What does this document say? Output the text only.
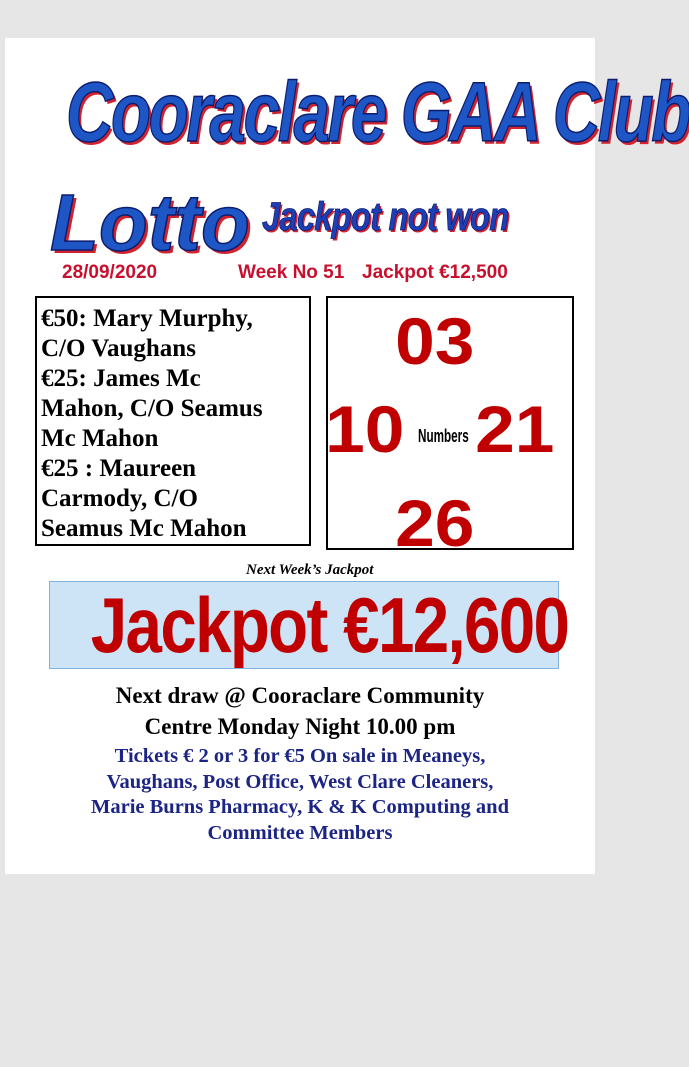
Cooraclare GAA Club
Lotto Jackpot not won
28/09/2020	Week No 51 Jackpot €12,500
€50: Mary Murphy,
C/O Vaughans
€25: James Mc
Mahon, C/O Seamus
Mc Mahon
€25 : Maureen
Carmody, C/O
Seamus Mc Mahon
03
10 Numbers 21
26
Next Week’s Jackpot
Jackpot €12,600
Next draw @ Cooraclare Community
Centre Monday Night 10.00 pm
Tickets € 2 or 3 for €5 On sale in Meaneys,
Vaughans, Post Office, West Clare Cleaners,
Marie Burns Pharmacy, K & K Computing and
Committee Members
